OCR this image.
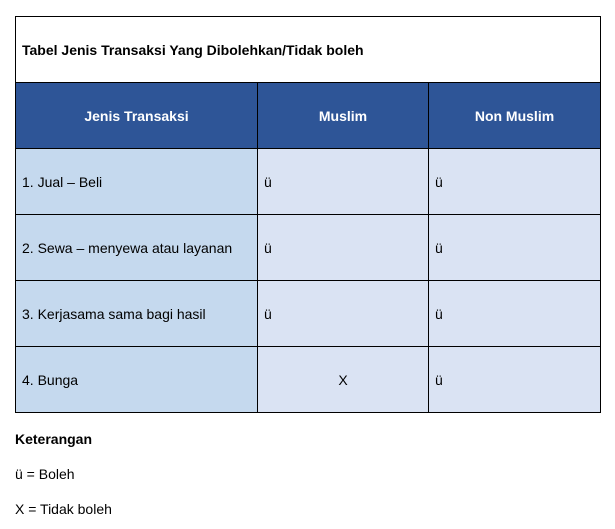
Tabel Jenis Transaksi Yang Dibolehkan/Tidak boleh		
Jenis Transaksi	Muslim	Non Muslim
1. Jual – Beli	ü	ü
2. Sewa – menyewa atau layanan	ü	ü
3. Kerjasama sama bagi hasil	ü	ü
4. Bunga	X	ü

Keterangan

ü = Boleh

X = Tidak boleh
